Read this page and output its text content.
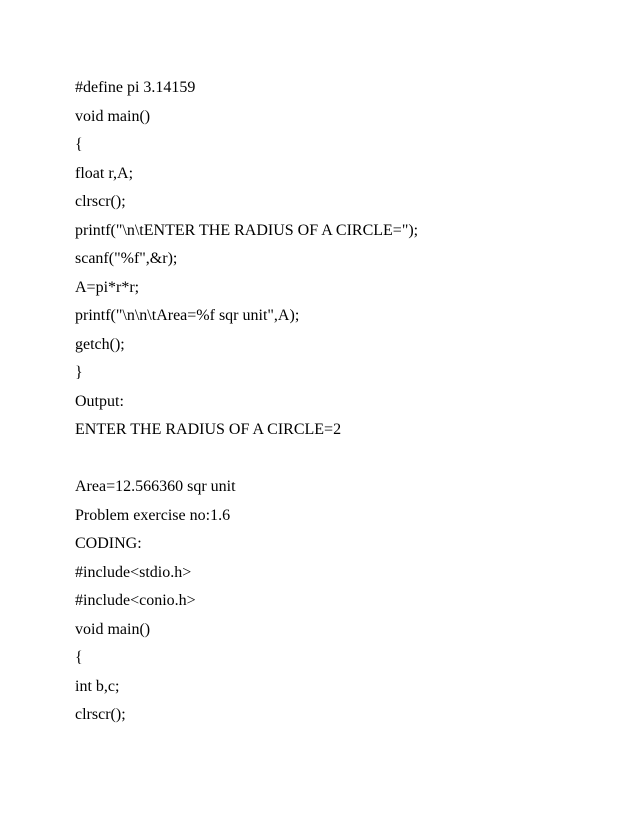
#define pi 3.14159
void main()
{
float r,A;
clrscr();
printf("\n\tENTER THE RADIUS OF A CIRCLE=");
scanf("%f",&r);
A=pi*r*r;
printf("\n\n\tArea=%f sqr unit",A);
getch();
}
Output:
ENTER THE RADIUS OF A CIRCLE=2
Area=12.566360 sqr unit
Problem exercise no:1.6
CODING:
#include<stdio.h>
#include<conio.h>
void main()
{
int b,c;
clrscr();
